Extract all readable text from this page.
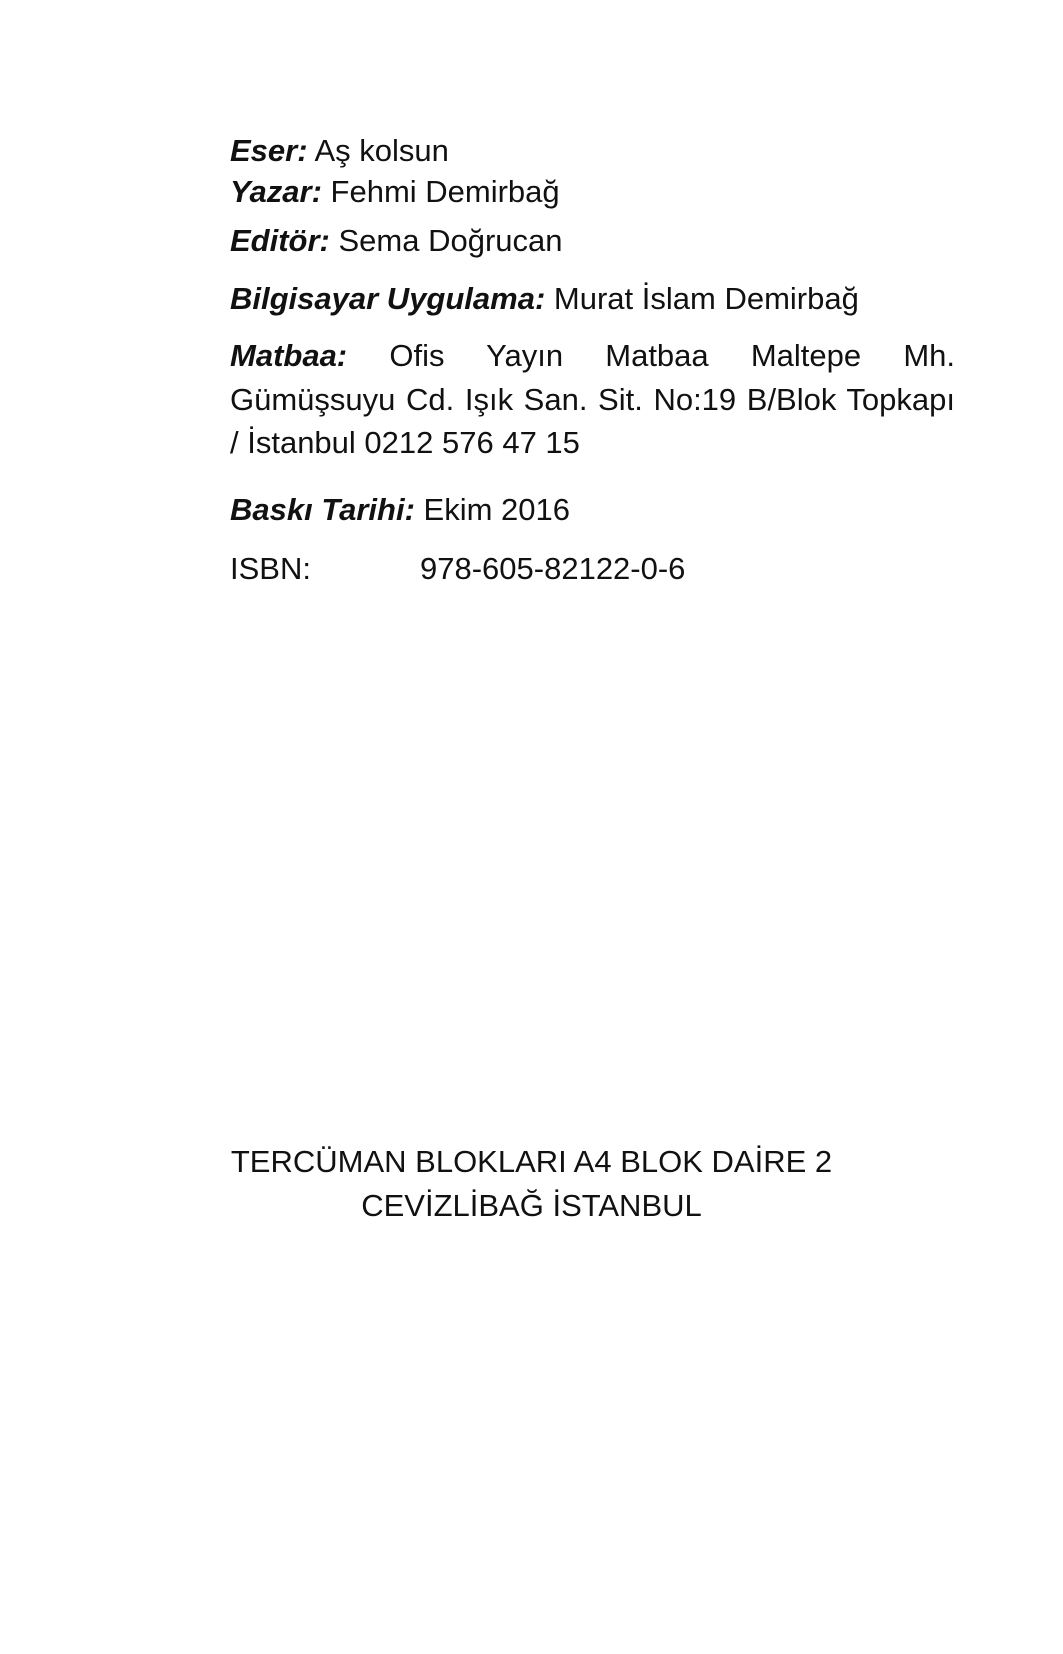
Eser: Aş kolsun
Yazar: Fehmi Demirbağ
Editör: Sema Doğrucan
Bilgisayar Uygulama: Murat İslam Demirbağ
Matbaa: Ofis Yayın Matbaa Maltepe Mh. Gümüşsuyu Cd. Işık San. Sit. No:19 B/Blok Topkapı / İstanbul 0212 576 47 15
Baskı Tarihi: Ekim 2016
ISBN:	978-605-82122-0-6
TERCÜMAN BLOKLARI A4 BLOK DAİRE 2
CEVİZLİBAĞ İSTANBUL
